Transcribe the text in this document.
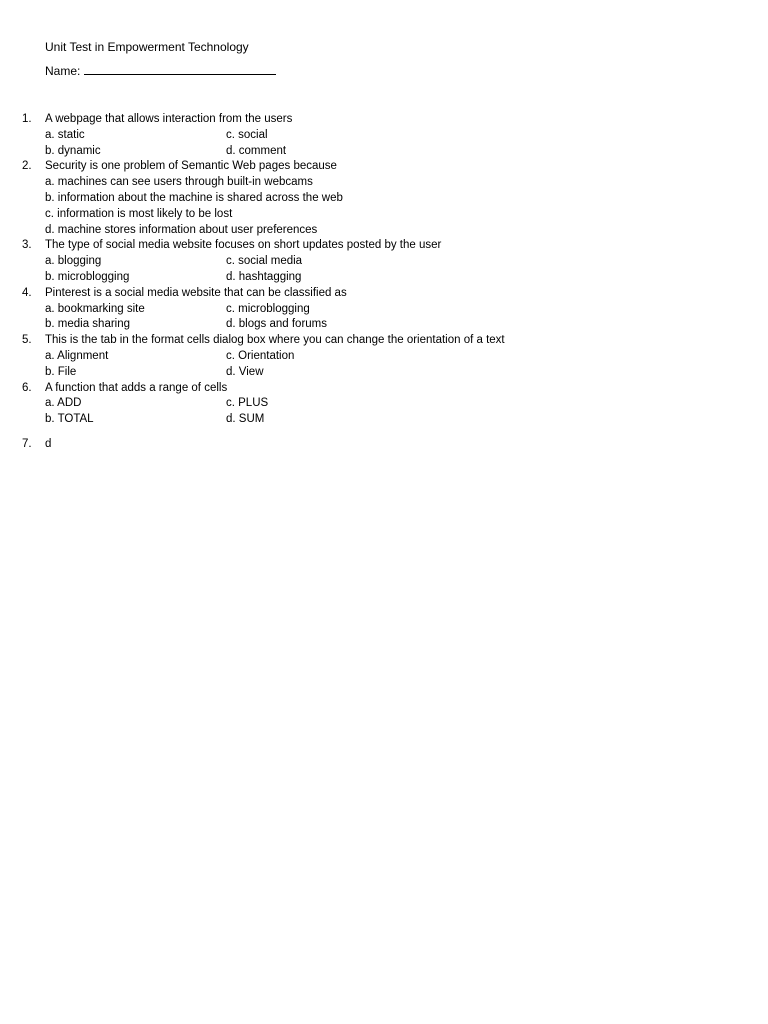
Unit Test in Empowerment Technology
Name:
1. A webpage that allows interaction from the users
a. static	c. social
b. dynamic	d. comment
2. Security is one problem of Semantic Web pages because
a. machines can see users through built-in webcams
b. information about the machine is shared across the web
c. information is most likely to be lost
d. machine stores information about user preferences
3. The type of social media website focuses on short updates posted by the user
a. blogging	c. social media
b. microblogging	d. hashtagging
4. Pinterest is a social media website that can be classified as
a. bookmarking site	c. microblogging
b. media sharing	d. blogs and forums
5. This is the tab in the format cells dialog box where you can change the orientation of a text
a. Alignment	c. Orientation
b. File	d. View
6. A function that adds a range of cells
a. ADD	c. PLUS
b. TOTAL	d. SUM
7. d
